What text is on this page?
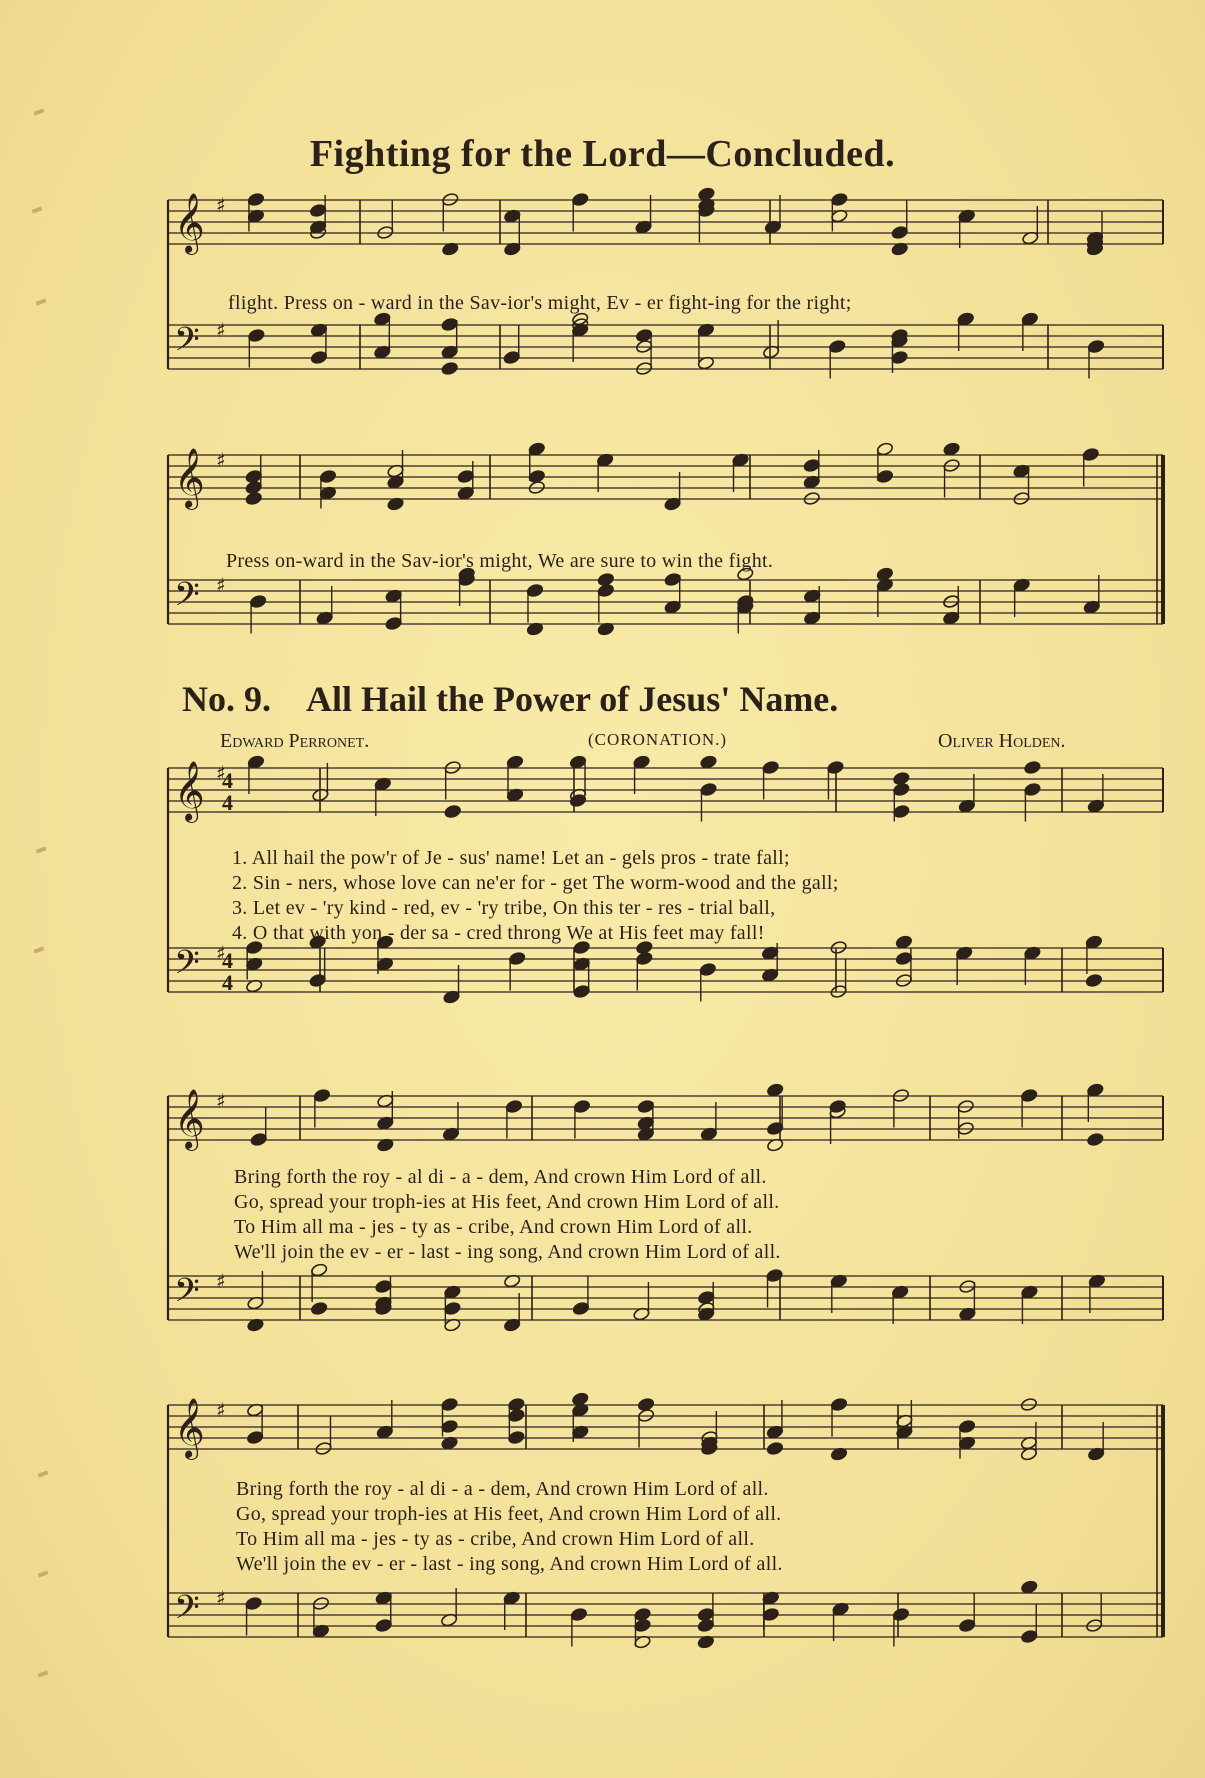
Fighting for the Lord—Concluded.
𝄞 ♯
𝄢 ♯
𝄞 ♯
𝄢 ♯
𝄞 ♯
𝄢 ♯
𝄞 ♯
𝄢 ♯
𝄞 ♯
𝄢 ♯
4
4
4
4
flight. Press on - ward in the Sav-ior's might, Ev - er fight-ing for the right;
Press on-ward in the Sav-ior's might, We are sure to win the fight.
No. 9. All Hail the Power of Jesus' Name.
Edward Perronet.	(CORONATION.)	Oliver Holden.
1. All hail the pow'r of Je - sus' name! Let an - gels pros - trate fall;
2. Sin - ners, whose love can ne'er for - get The worm-wood and the gall;
3. Let ev - 'ry kind - red, ev - 'ry tribe, On this ter - res - trial ball,
4. O that with yon - der sa - cred throng We at His feet may fall!
Bring forth the roy - al di - a - dem, And crown Him Lord of all.
Go, spread your troph-ies at His feet, And crown Him Lord of all.
To Him all ma - jes - ty as - cribe, And crown Him Lord of all.
We'll join the ev - er - last - ing song, And crown Him Lord of all.
Bring forth the roy - al di - a - dem, And crown Him Lord of all.
Go, spread your troph-ies at His feet, And crown Him Lord of all.
To Him all ma - jes - ty as - cribe, And crown Him Lord of all.
We'll join the ev - er - last - ing song, And crown Him Lord of all.
